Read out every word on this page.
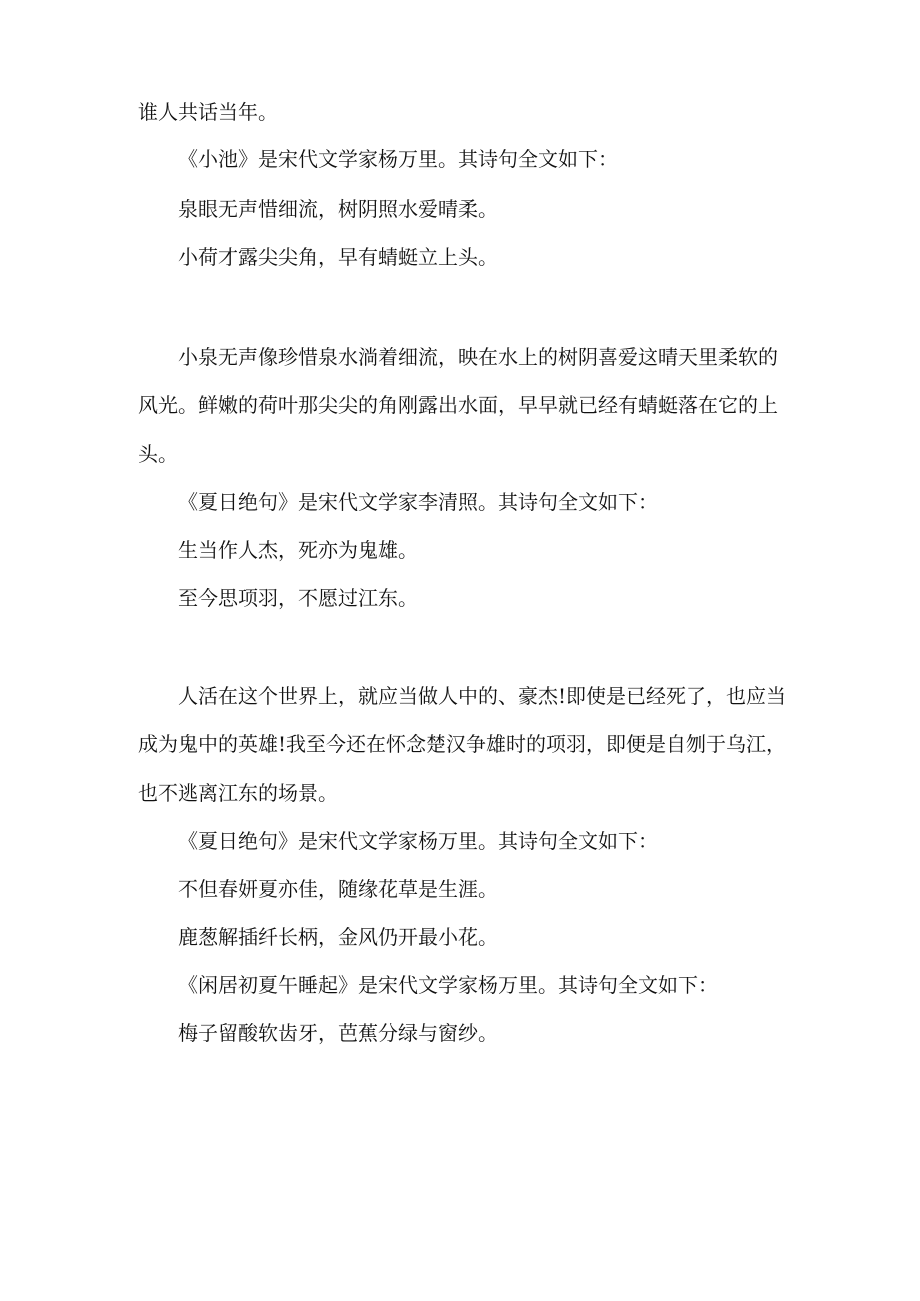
谁人共话当年。

《小池》是宋代文学家杨万里。其诗句全文如下：

泉眼无声惜细流，树阴照水爱晴柔。

小荷才露尖尖角，早有蜻蜓立上头。

小泉无声像珍惜泉水淌着细流，映在水上的树阴喜爱这晴天里柔软的

风光。鲜嫩的荷叶那尖尖的角刚露出水面，早早就已经有蜻蜓落在它的上

头。

《夏日绝句》是宋代文学家李清照。其诗句全文如下：

生当作人杰，死亦为鬼雄。

至今思项羽，不愿过江东。

人活在这个世界上，就应当做人中的、豪杰!即使是已经死了，也应当

成为鬼中的英雄!我至今还在怀念楚汉争雄时的项羽，即便是自刎于乌江，

也不逃离江东的场景。

《夏日绝句》是宋代文学家杨万里。其诗句全文如下：

不但春妍夏亦佳，随缘花草是生涯。

鹿葱解插纤长柄，金风仍开最小花。

《闲居初夏午睡起》是宋代文学家杨万里。其诗句全文如下：

梅子留酸软齿牙，芭蕉分绿与窗纱。
